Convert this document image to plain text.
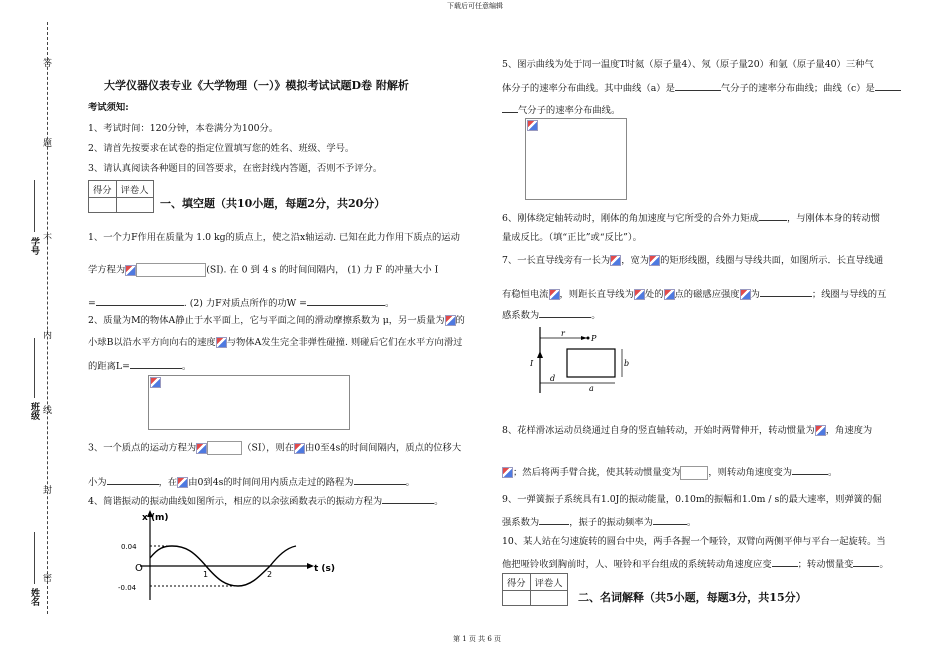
下载后可任意编辑
第 1 页 共 6 页
答
题
不
内
线
封
密
学号
班级
姓名
大学仪器仪表专业《大学物理（一）》模拟考试试题D卷 附解析
考试须知:
1、考试时间：120分钟，本卷满分为100分。
2、请首先按要求在试卷的指定位置填写您的姓名、班级、学号。
3、请认真阅读各种题目的回答要求，在密封线内答题，否则不予评分。
得分	评卷人

一、填空题（共10小题，每题2分，共20分）
1、一个力F作用在质量为 1.0 kg的质点上，使之沿x轴运动. 已知在此力作用下质点的运动
学方程为	(SI). 在 0 到 4 s 的时间间隔内， (1) 力 F 的冲量大小 I
=	. (2) 力F对质点所作的功W =	。
2、质量为M的物体A静止于水平面上，它与平面之间的滑动摩擦系数为 μ，另一质量为 的
小球B以沿水平方向向右的速度 与物体A发生完全非弹性碰撞. 则碰后它们在水平方向滑过
的距离L=	。
3、一个质点的运动方程为	（SI），则在 由0至4s的时间间隔内，质点的位移大
小为	，在 由0到4s的时间间用内质点走过的路程为	。
4、简谐振动的振动曲线如图所示，相应的以余弦函数表示的振动方程为	。
x (m)
t (s)
0.04
-0.04
O
1	2
5、图示曲线为处于同一温度T时氦（原子量4）、氖（原子量20）和氩（原子量40）三种气
体分子的速率分布曲线。其中曲线（a）是	气分子的速率分布曲线；曲线（c）是
气分子的速率分布曲线。
6、刚体绕定轴转动时，刚体的角加速度与它所受的合外力矩成	，与刚体本身的转动惯
量成反比。（填“正比”或“反比”）。
7、一长直导线旁有一长为 ，宽为 的矩形线圈，线圈与导线共面，如图所示．长直导线通
有稳恒电流 ，则距长直导线为 处的 点的磁感应强度 为	；线圈与导线的互
感系数为	。
r
P
I	b
d
a
8、花样滑冰运动员绕通过自身的竖直轴转动，开始时两臂伸开，转动惯量为 ，角速度为
；然后将两手臂合拢，使其转动惯量变为	，则转动角速度变为	。
9、一弹簧振子系统具有1.0J的振动能量，0.10m的振幅和1.0m / s的最大速率，则弹簧的倔
强系数为	，振子的振动频率为	。
10、某人站在匀速旋转的圆台中央，两手各握一个哑铃，双臂向两侧平伸与平台一起旋转。当
他把哑铃收到胸前时，人、哑铃和平台组成的系统转动角速度应变	；转动惯量变	。
得分	评卷人

二、名词解释（共5小题，每题3分，共15分）
